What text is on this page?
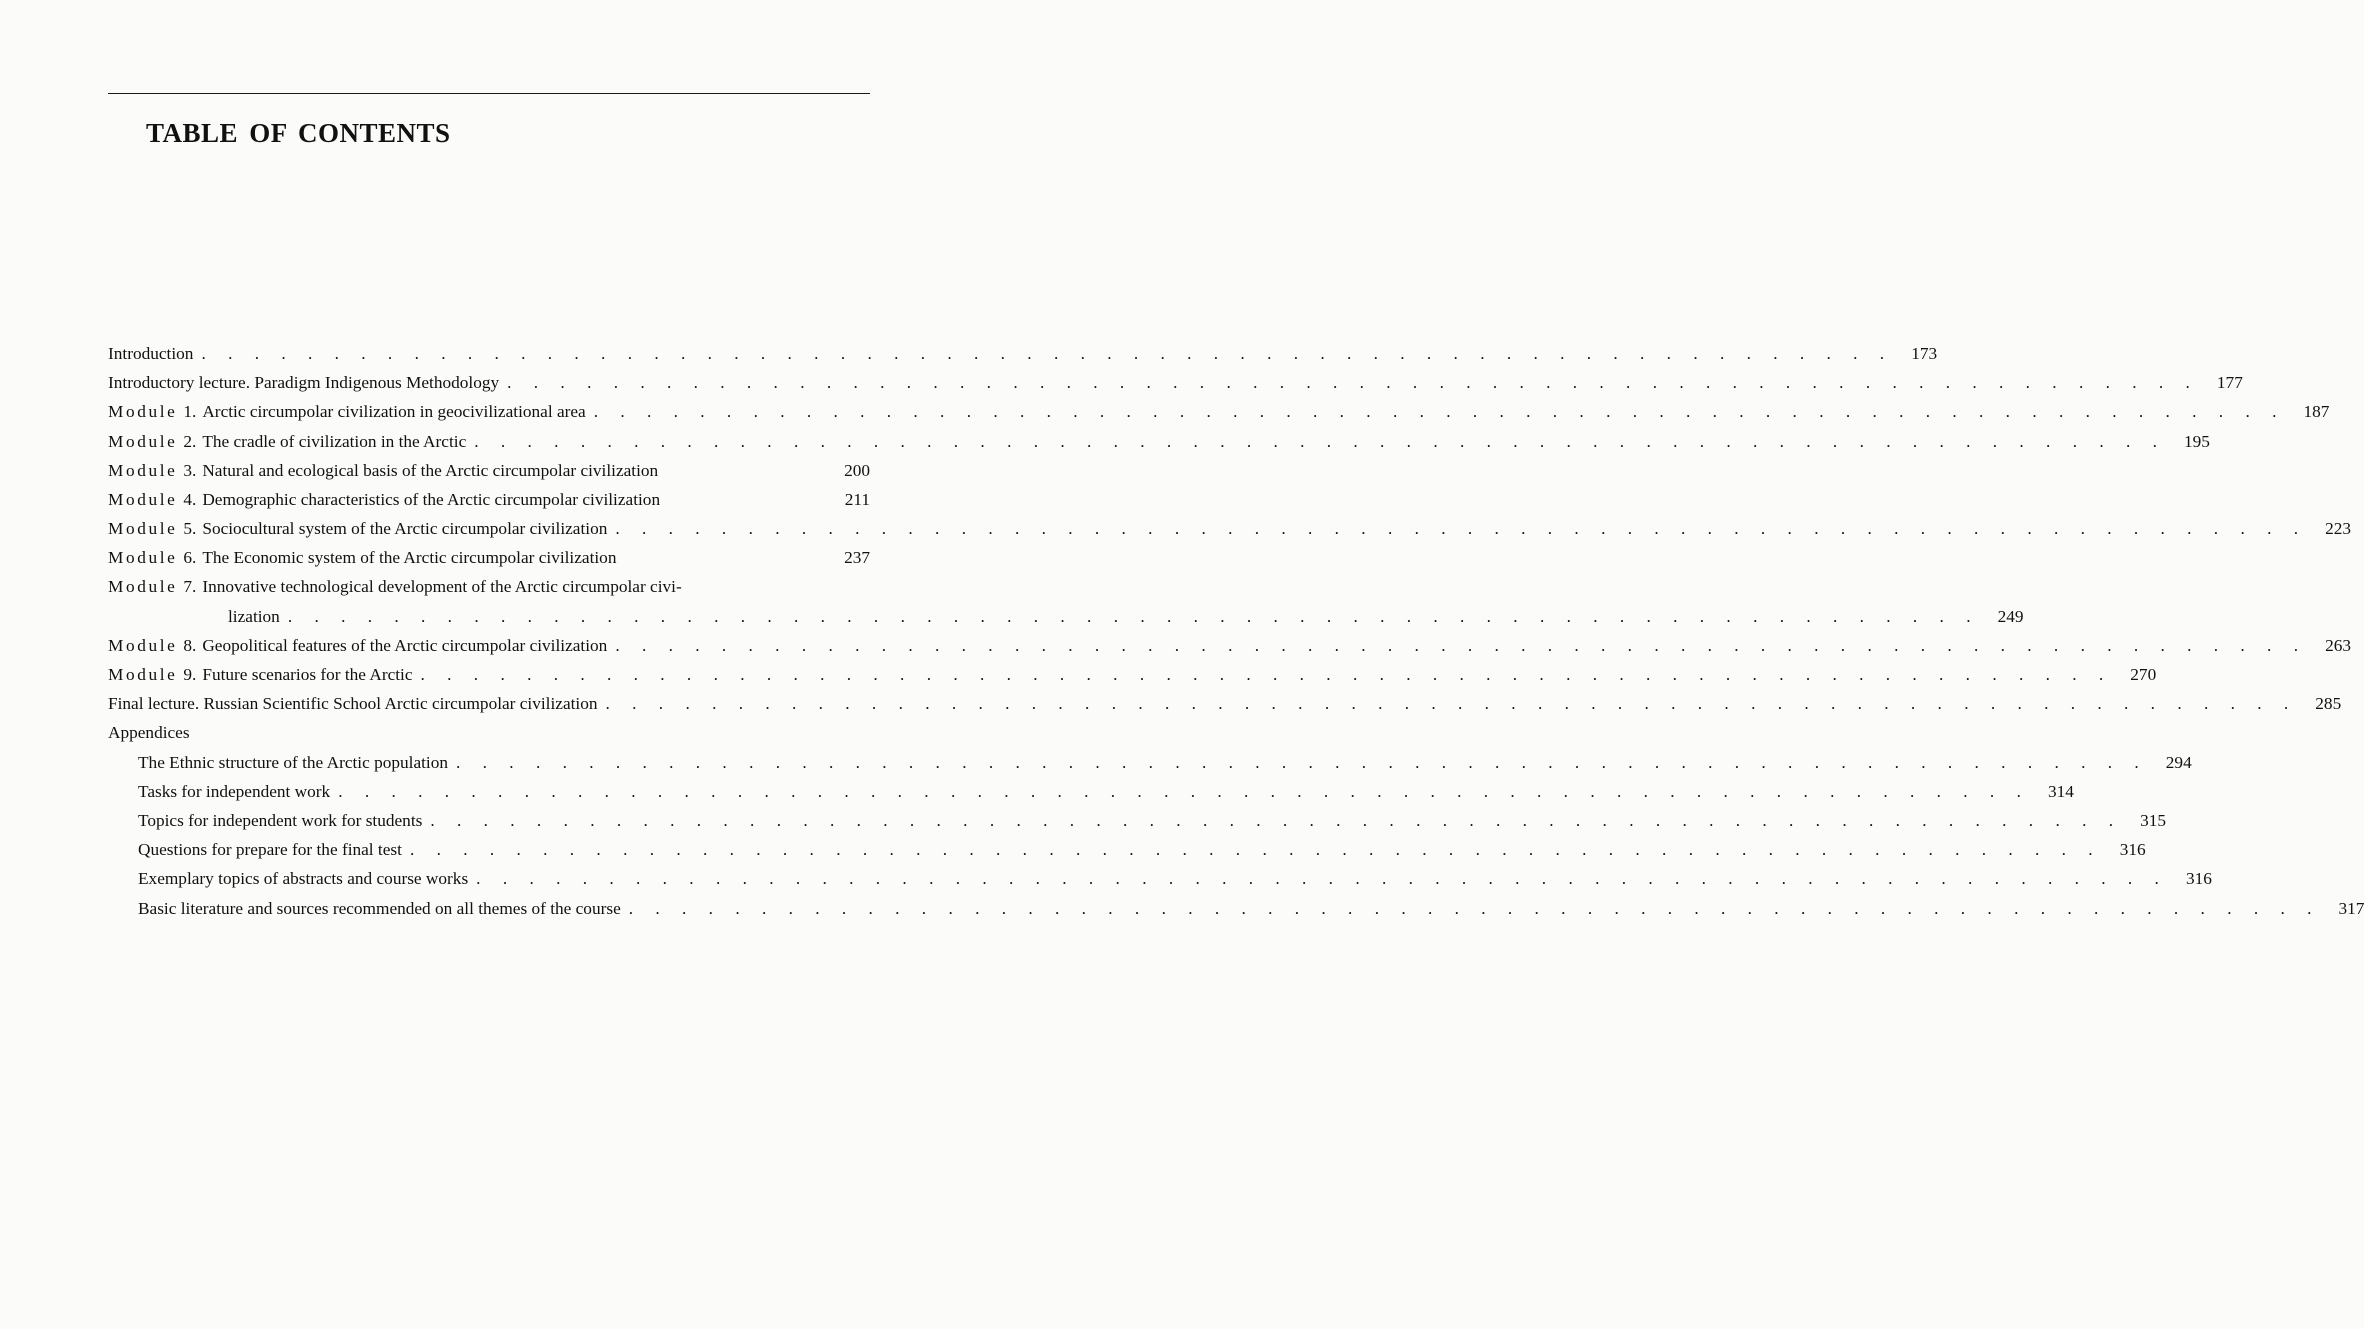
TABLE OF CONTENTS
Introduction . . .	173
Introductory lecture. Paradigm Indigenous Methodology . . .	177
Module 1. Arctic circumpolar civilization in geocivilizational area . . .	187
Module 2. The cradle of civilization in the Arctic . . .	195
Module 3. Natural and ecological basis of the Arctic circumpolar civilization	200
Module 4. Demographic characteristics of the Arctic circumpolar civilization	211
Module 5. Sociocultural system of the Arctic circumpolar civilization . . .	223
Module 6. The Economic system of the Arctic circumpolar civilization	237
Module 7. Innovative technological development of the Arctic circumpolar civi-
lization . . .	249
Module 8. Geopolitical features of the Arctic circumpolar civilization . . .	263
Module 9. Future scenarios for the Arctic . . .	270
Final lecture. Russian Scientific School Arctic circumpolar civilization . . .	285
Appendices
The Ethnic structure of the Arctic population . . .	294
Tasks for independent work . . .	314
Topics for independent work for students . . .	315
Questions for prepare for the final test . . .	316
Exemplary topics of abstracts and course works . . .	316
Basic literature and sources recommended on all themes of the course . . .	317
